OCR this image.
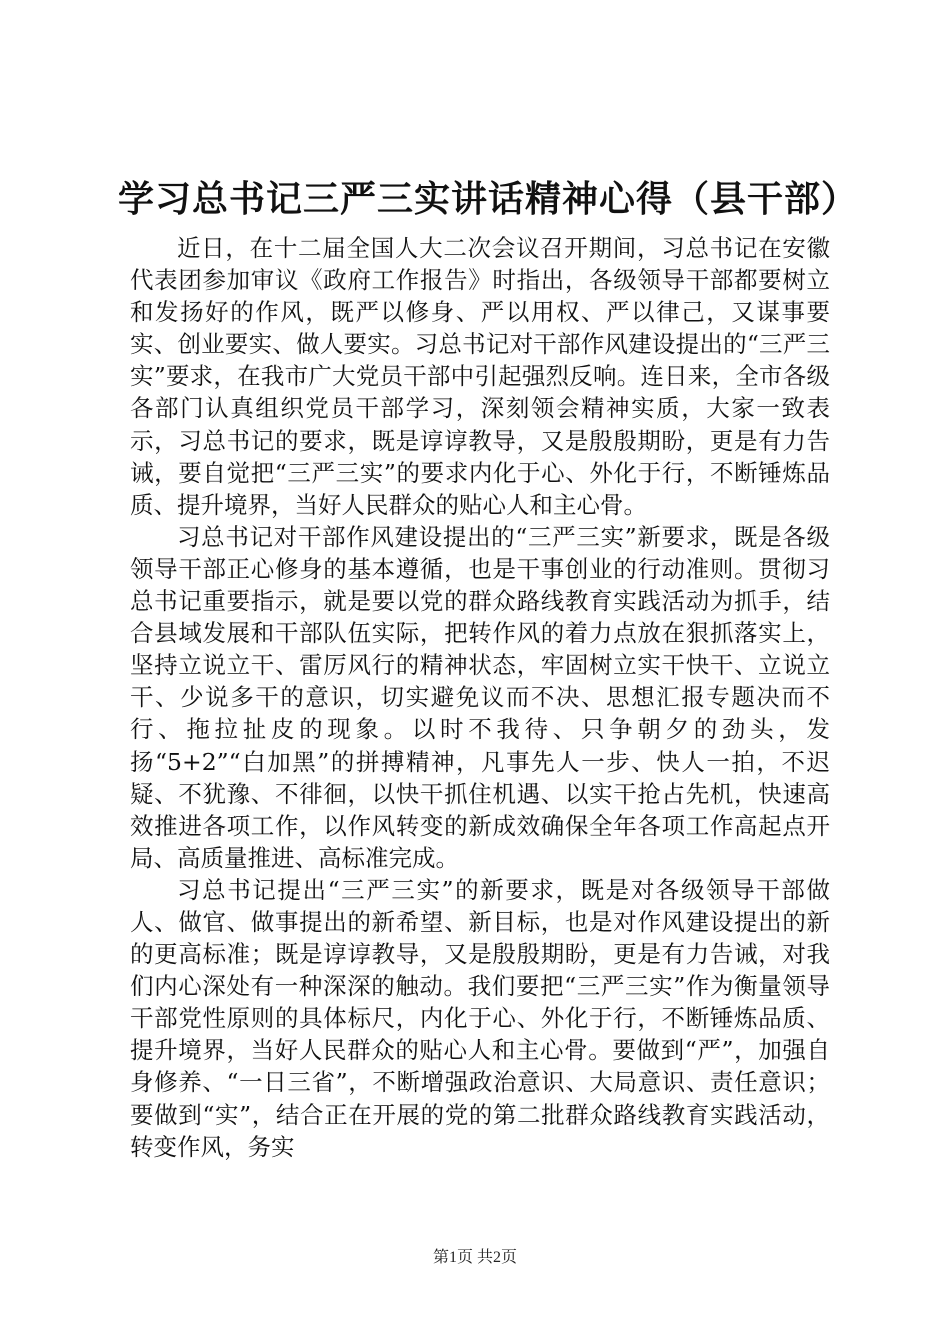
学习总书记三严三实讲话精神心得（县干部）

近日，在十二届全国人大二次会议召开期间，习总书记在安徽代表团参加审议《政府工作报告》时指出，各级领导干部都要树立和发扬好的作风，既严以修身、严以用权、严以律己，又谋事要实、创业要实、做人要实。习总书记对干部作风建设提出的“三严三实”要求，在我市广大党员干部中引起强烈反响。连日来，全市各级各部门认真组织党员干部学习，深刻领会精神实质，大家一致表示，习总书记的要求，既是谆谆教导，又是殷殷期盼，更是有力告诫，要自觉把“三严三实”的要求内化于心、外化于行，不断锤炼品质、提升境界，当好人民群众的贴心人和主心骨。

习总书记对干部作风建设提出的“三严三实”新要求，既是各级领导干部正心修身的基本遵循，也是干事创业的行动准则。贯彻习总书记重要指示，就是要以党的群众路线教育实践活动为抓手，结合县域发展和干部队伍实际，把转作风的着力点放在狠抓落实上，坚持立说立干、雷厉风行的精神状态，牢固树立实干快干、立说立干、少说多干的意识，切实避免议而不决、思想汇报专题决而不行、拖拉扯皮的现象。以时不我待、只争朝夕的劲头，发扬“5+2”“白加黑”的拼搏精神，凡事先人一步、快人一拍，不迟疑、不犹豫、不徘徊，以快干抓住机遇、以实干抢占先机，快速高效推进各项工作，以作风转变的新成效确保全年各项工作高起点开局、高质量推进、高标准完成。

习总书记提出“三严三实”的新要求，既是对各级领导干部做人、做官、做事提出的新希望、新目标，也是对作风建设提出的新的更高标准；既是谆谆教导，又是殷殷期盼，更是有力告诫，对我们内心深处有一种深深的触动。我们要把“三严三实”作为衡量领导干部党性原则的具体标尺，内化于心、外化于行，不断锤炼品质、提升境界，当好人民群众的贴心人和主心骨。要做到“严”，加强自身修养、“一日三省”，不断增强政治意识、大局意识、责任意识；要做到“实”，结合正在开展的党的第二批群众路线教育实践活动，转变作风，务实

第1页 共2页
